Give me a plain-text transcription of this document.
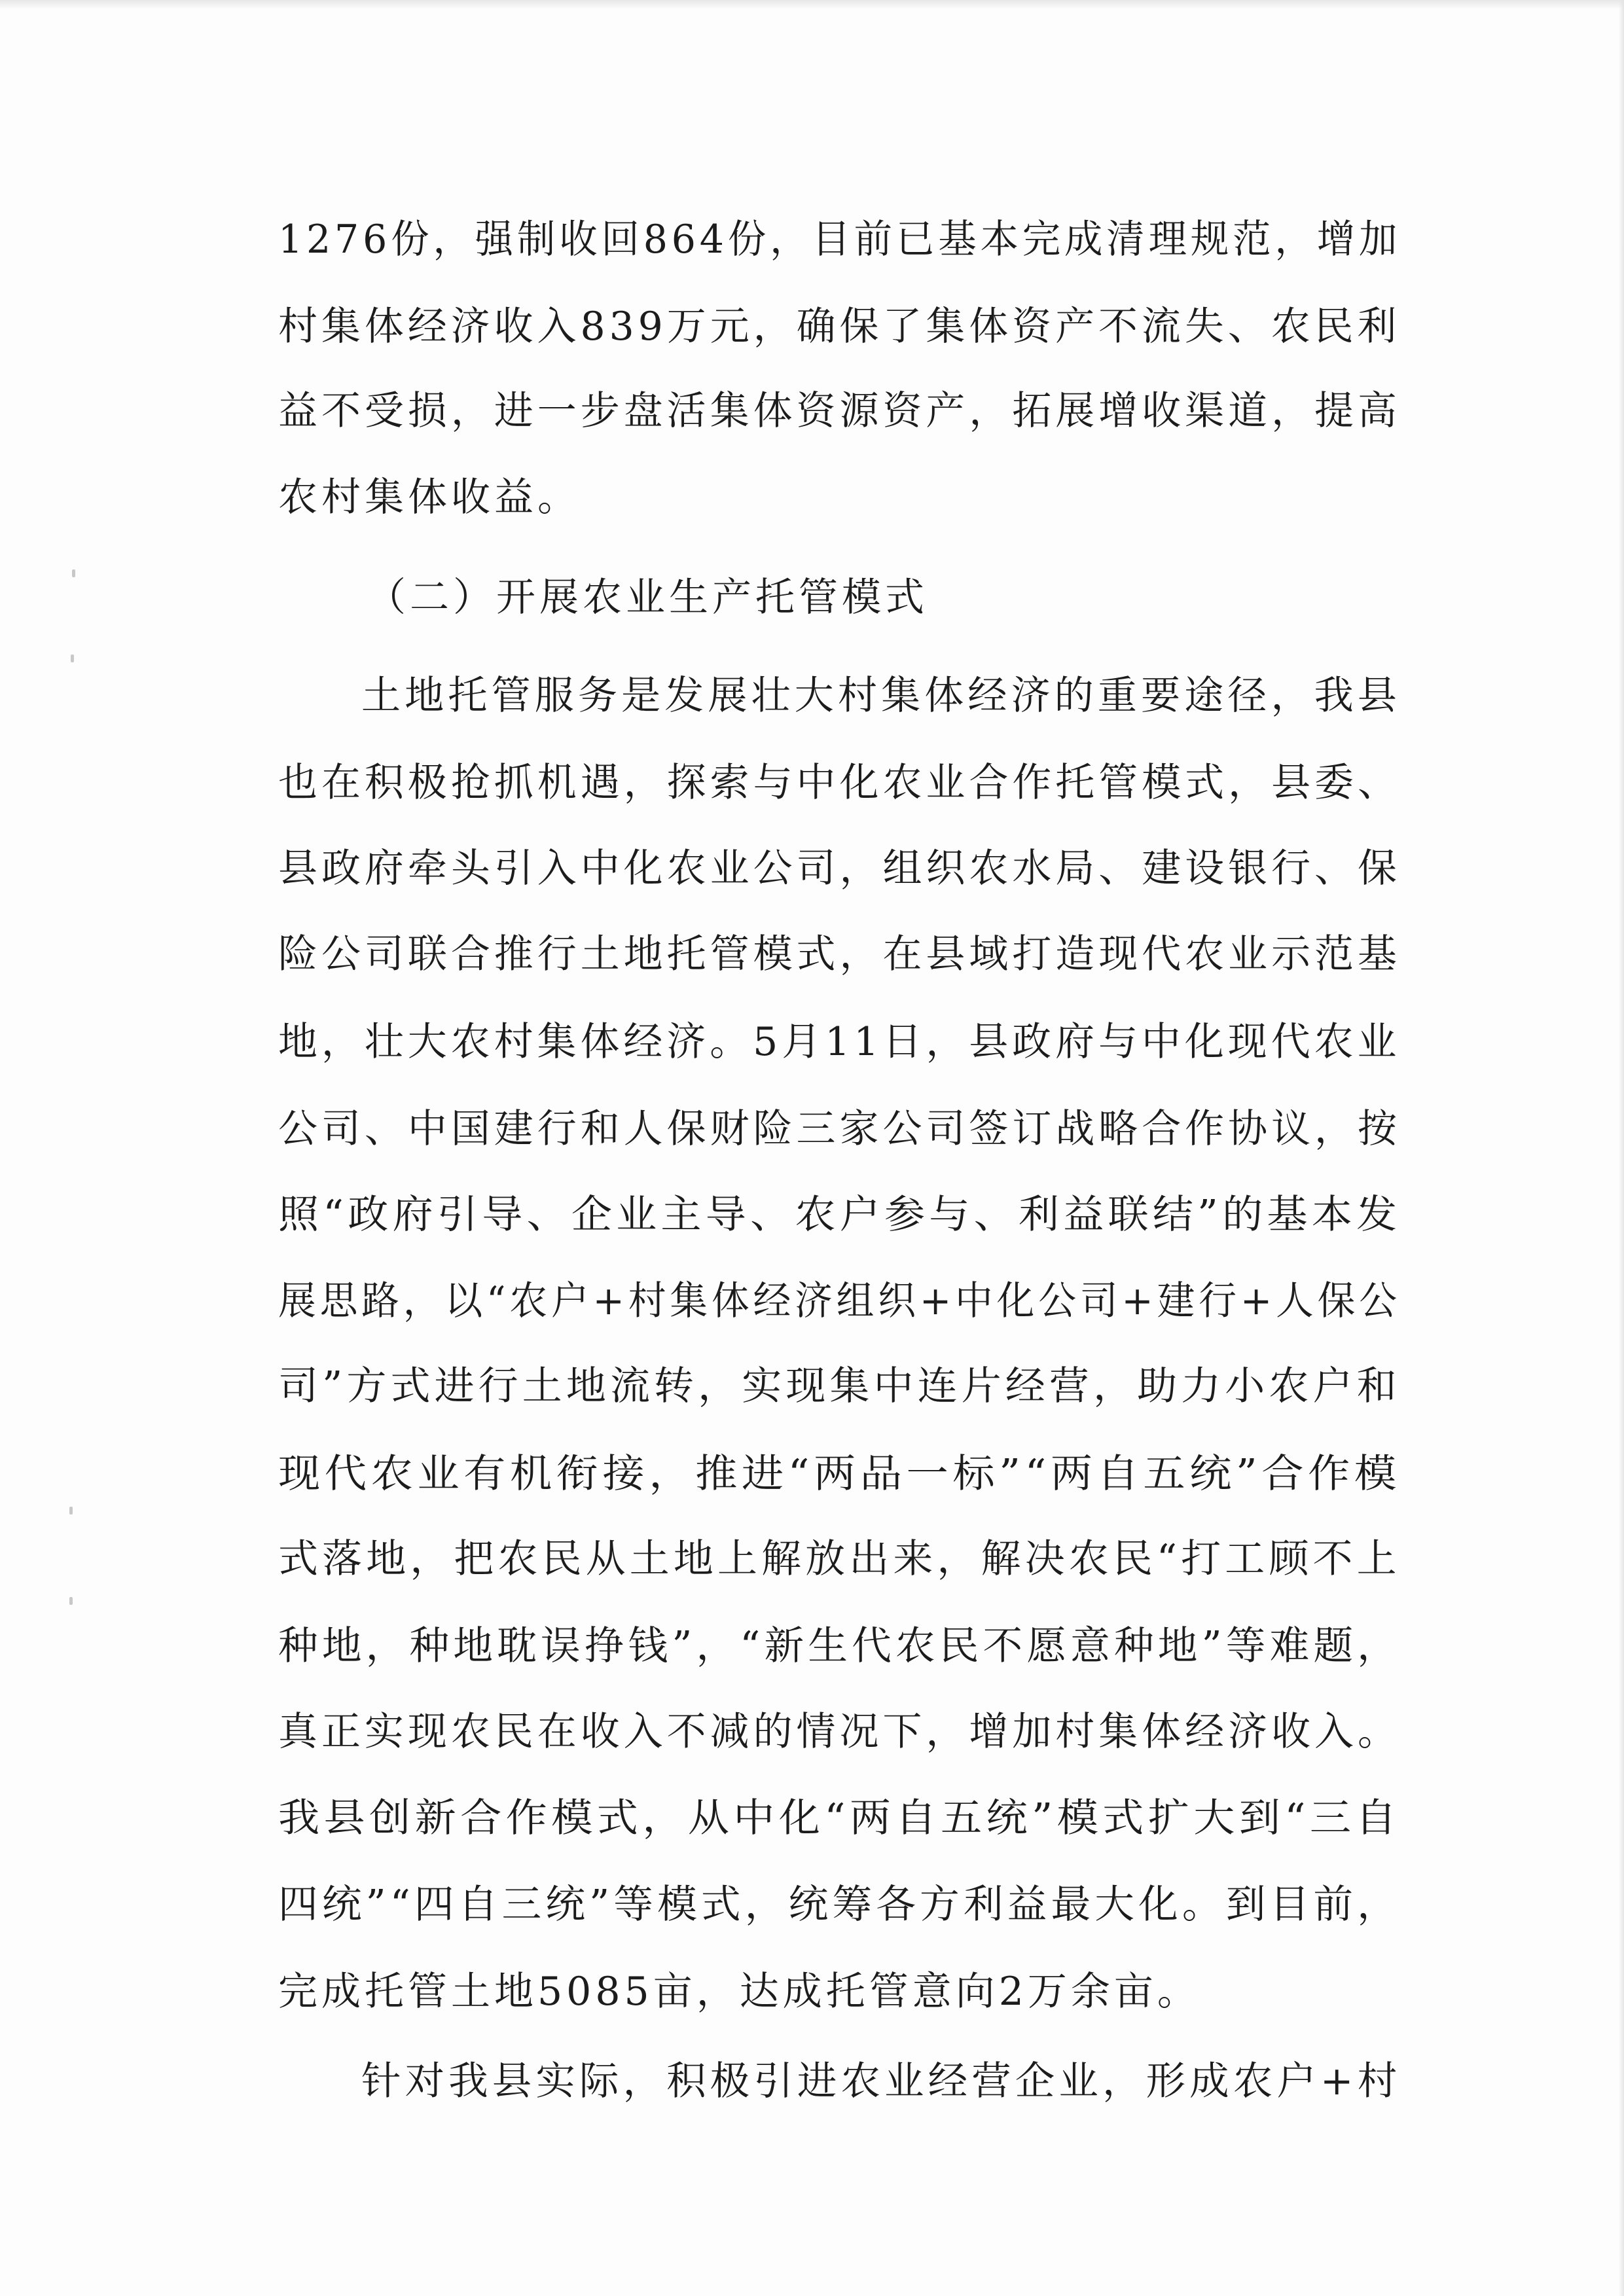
1276份，强制收回864份，目前已基本完成清理规范，增加
村集体经济收入839万元，确保了集体资产不流失、农民利
益不受损，进一步盘活集体资源资产，拓展增收渠道，提高
农村集体收益。
（二）开展农业生产托管模式
土地托管服务是发展壮大村集体经济的重要途径，我县
也在积极抢抓机遇，探索与中化农业合作托管模式，县委、
县政府牵头引入中化农业公司，组织农水局、建设银行、保
险公司联合推行土地托管模式，在县域打造现代农业示范基
地，壮大农村集体经济。5月11日，县政府与中化现代农业
公司、中国建行和人保财险三家公司签订战略合作协议，按
照“政府引导、企业主导、农户参与、利益联结”的基本发
展思路，以“农户+村集体经济组织+中化公司+建行+人保公
司”方式进行土地流转，实现集中连片经营，助力小农户和
现代农业有机衔接，推进“两品一标”“两自五统”合作模
式落地，把农民从土地上解放出来，解决农民“打工顾不上
种地，种地耽误挣钱”，“新生代农民不愿意种地”等难题，
真正实现农民在收入不减的情况下，增加村集体经济收入。
我县创新合作模式，从中化“两自五统”模式扩大到“三自
四统”“四自三统”等模式，统筹各方利益最大化。到目前，
完成托管土地5085亩，达成托管意向2万余亩。
针对我县实际，积极引进农业经营企业，形成农户+村
